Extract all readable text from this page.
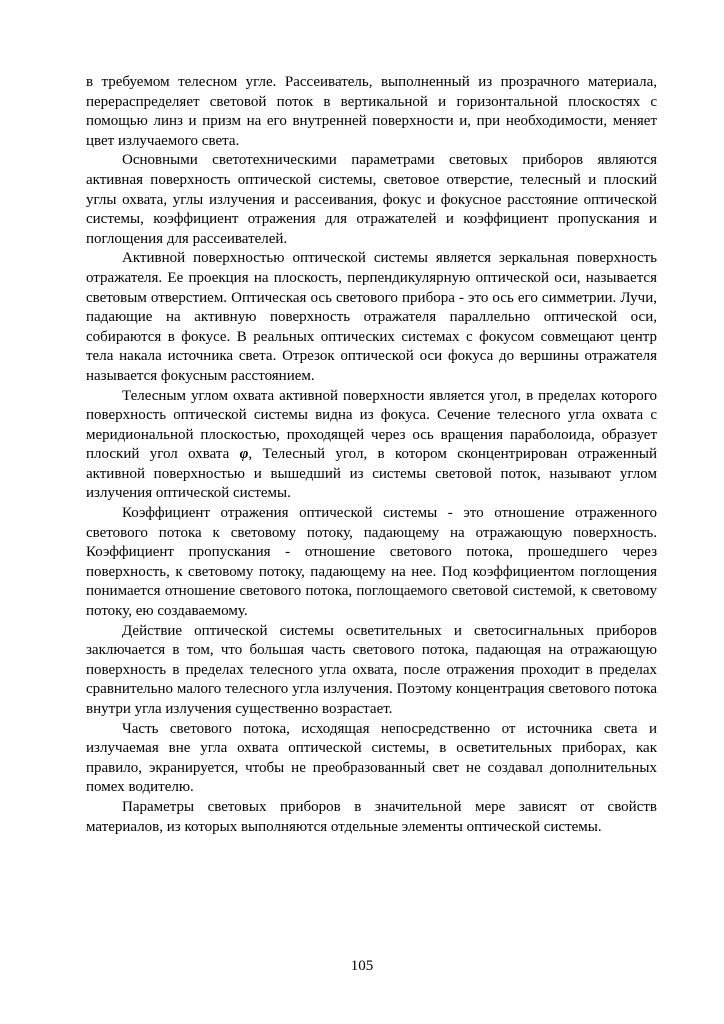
в требуемом телесном угле. Рассеиватель, выполненный из прозрачного материала, перераспределяет световой поток в вертикальной и горизонтальной плоскостях с помощью линз и призм на его внутренней поверхности и, при необходимости, меняет цвет излучаемого света.

Основными светотехническими параметрами световых приборов являются активная поверхность оптической системы, световое отверстие, телесный и плоский углы охвата, углы излучения и рассеивания, фокус и фокусное расстояние оптической системы, коэффициент отражения для отражателей и коэффициент пропускания и поглощения для рассеивателей.

Активной поверхностью оптической системы является зеркальная поверхность отражателя. Ее проекция на плоскость, перпендикулярную оптической оси, называется световым отверстием. Оптическая ось светового прибора - это ось его симметрии. Лучи, падающие на активную поверхность отражателя параллельно оптической оси, собираются в фокусе. В реальных оптических системах с фокусом совмещают центр тела накала источника света. Отрезок оптической оси фокуса до вершины отражателя называется фокусным расстоянием.

Телесным углом охвата активной поверхности является угол, в пределах которого поверхность оптической системы видна из фокуса. Сечение телесного угла охвата с меридиональной плоскостью, проходящей через ось вращения параболоида, образует плоский угол охвата φ, Телесный угол, в котором сконцентрирован отраженный активной поверхностью и вышедший из системы световой поток, называют углом излучения оптической системы.

Коэффициент отражения оптической системы - это отношение отраженного светового потока к световому потоку, падающему на отражающую поверхность. Коэффициент пропускания - отношение светового потока, прошедшего через поверхность, к световому потоку, падающему на нее. Под коэффициентом поглощения понимается отношение светового потока, поглощаемого световой системой, к световому потоку, ею создаваемому.

Действие оптической системы осветительных и светосигнальных приборов заключается в том, что большая часть светового потока, падающая на отражающую поверхность в пределах телесного угла охвата, после отражения проходит в пределах сравнительно малого телесного угла излучения. Поэтому концентрация светового потока внутри угла излучения существенно возрастает.

Часть светового потока, исходящая непосредственно от источника света и излучаемая вне угла охвата оптической системы, в осветительных приборах, как правило, экранируется, чтобы не преобразованный свет не создавал дополнительных помех водителю.

Параметры световых приборов в значительной мере зависят от свойств материалов, из которых выполняются отдельные элементы оптической системы.

105
